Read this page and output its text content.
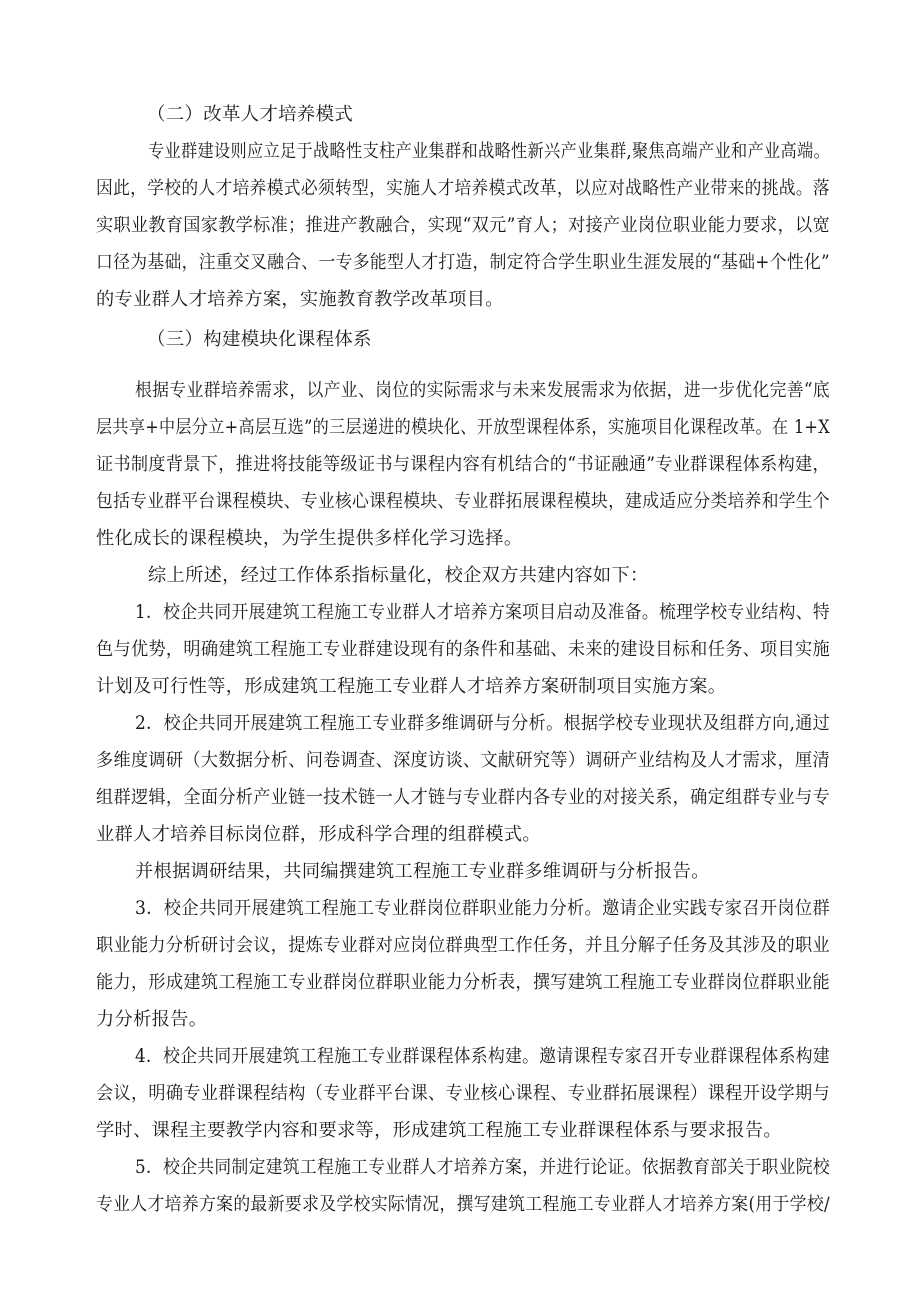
（二）改革人才培养模式
专业群建设则应立足于战略性支柱产业集群和战略性新兴产业集群,聚焦高端产业和产业高端。
因此，学校的人才培养模式必须转型，实施人才培养模式改革，以应对战略性产业带来的挑战。落
实职业教育国家教学标准；推进产教融合，实现“双元”育人；对接产业岗位职业能力要求，以宽
口径为基础，注重交叉融合、一专多能型人才打造，制定符合学生职业生涯发展的“基础+个性化”
的专业群人才培养方案，实施教育教学改革项目。
（三）构建模块化课程体系
根据专业群培养需求，以产业、岗位的实际需求与未来发展需求为依据，进一步优化完善“底
层共享+中层分立+高层互选”的三层递进的模块化、开放型课程体系，实施项目化课程改革。在 1+X
证书制度背景下，推进将技能等级证书与课程内容有机结合的“书证融通”专业群课程体系构建，
包括专业群平台课程模块、专业核心课程模块、专业群拓展课程模块，建成适应分类培养和学生个
性化成长的课程模块，为学生提供多样化学习选择。
综上所述，经过工作体系指标量化，校企双方共建内容如下：
1．校企共同开展建筑工程施工专业群人才培养方案项目启动及准备。梳理学校专业结构、特
色与优势，明确建筑工程施工专业群建设现有的条件和基础、未来的建设目标和任务、项目实施
计划及可行性等，形成建筑工程施工专业群人才培养方案研制项目实施方案。
2．校企共同开展建筑工程施工专业群多维调研与分析。根据学校专业现状及组群方向,通过
多维度调研（大数据分析、问卷调查、深度访谈、文献研究等）调研产业结构及人才需求，厘清
组群逻辑，全面分析产业链一技术链一人才链与专业群内各专业的对接关系，确定组群专业与专
业群人才培养目标岗位群，形成科学合理的组群模式。
并根据调研结果，共同编撰建筑工程施工专业群多维调研与分析报告。
3．校企共同开展建筑工程施工专业群岗位群职业能力分析。邀请企业实践专家召开岗位群
职业能力分析研讨会议，提炼专业群对应岗位群典型工作任务，并且分解子任务及其涉及的职业
能力，形成建筑工程施工专业群岗位群职业能力分析表，撰写建筑工程施工专业群岗位群职业能
力分析报告。
4．校企共同开展建筑工程施工专业群课程体系构建。邀请课程专家召开专业群课程体系构建
会议，明确专业群课程结构（专业群平台课、专业核心课程、专业群拓展课程）课程开设学期与
学时、课程主要教学内容和要求等，形成建筑工程施工专业群课程体系与要求报告。
5．校企共同制定建筑工程施工专业群人才培养方案，并进行论证。依据教育部关于职业院校
专业人才培养方案的最新要求及学校实际情况，撰写建筑工程施工专业群人才培养方案(用于学校/
